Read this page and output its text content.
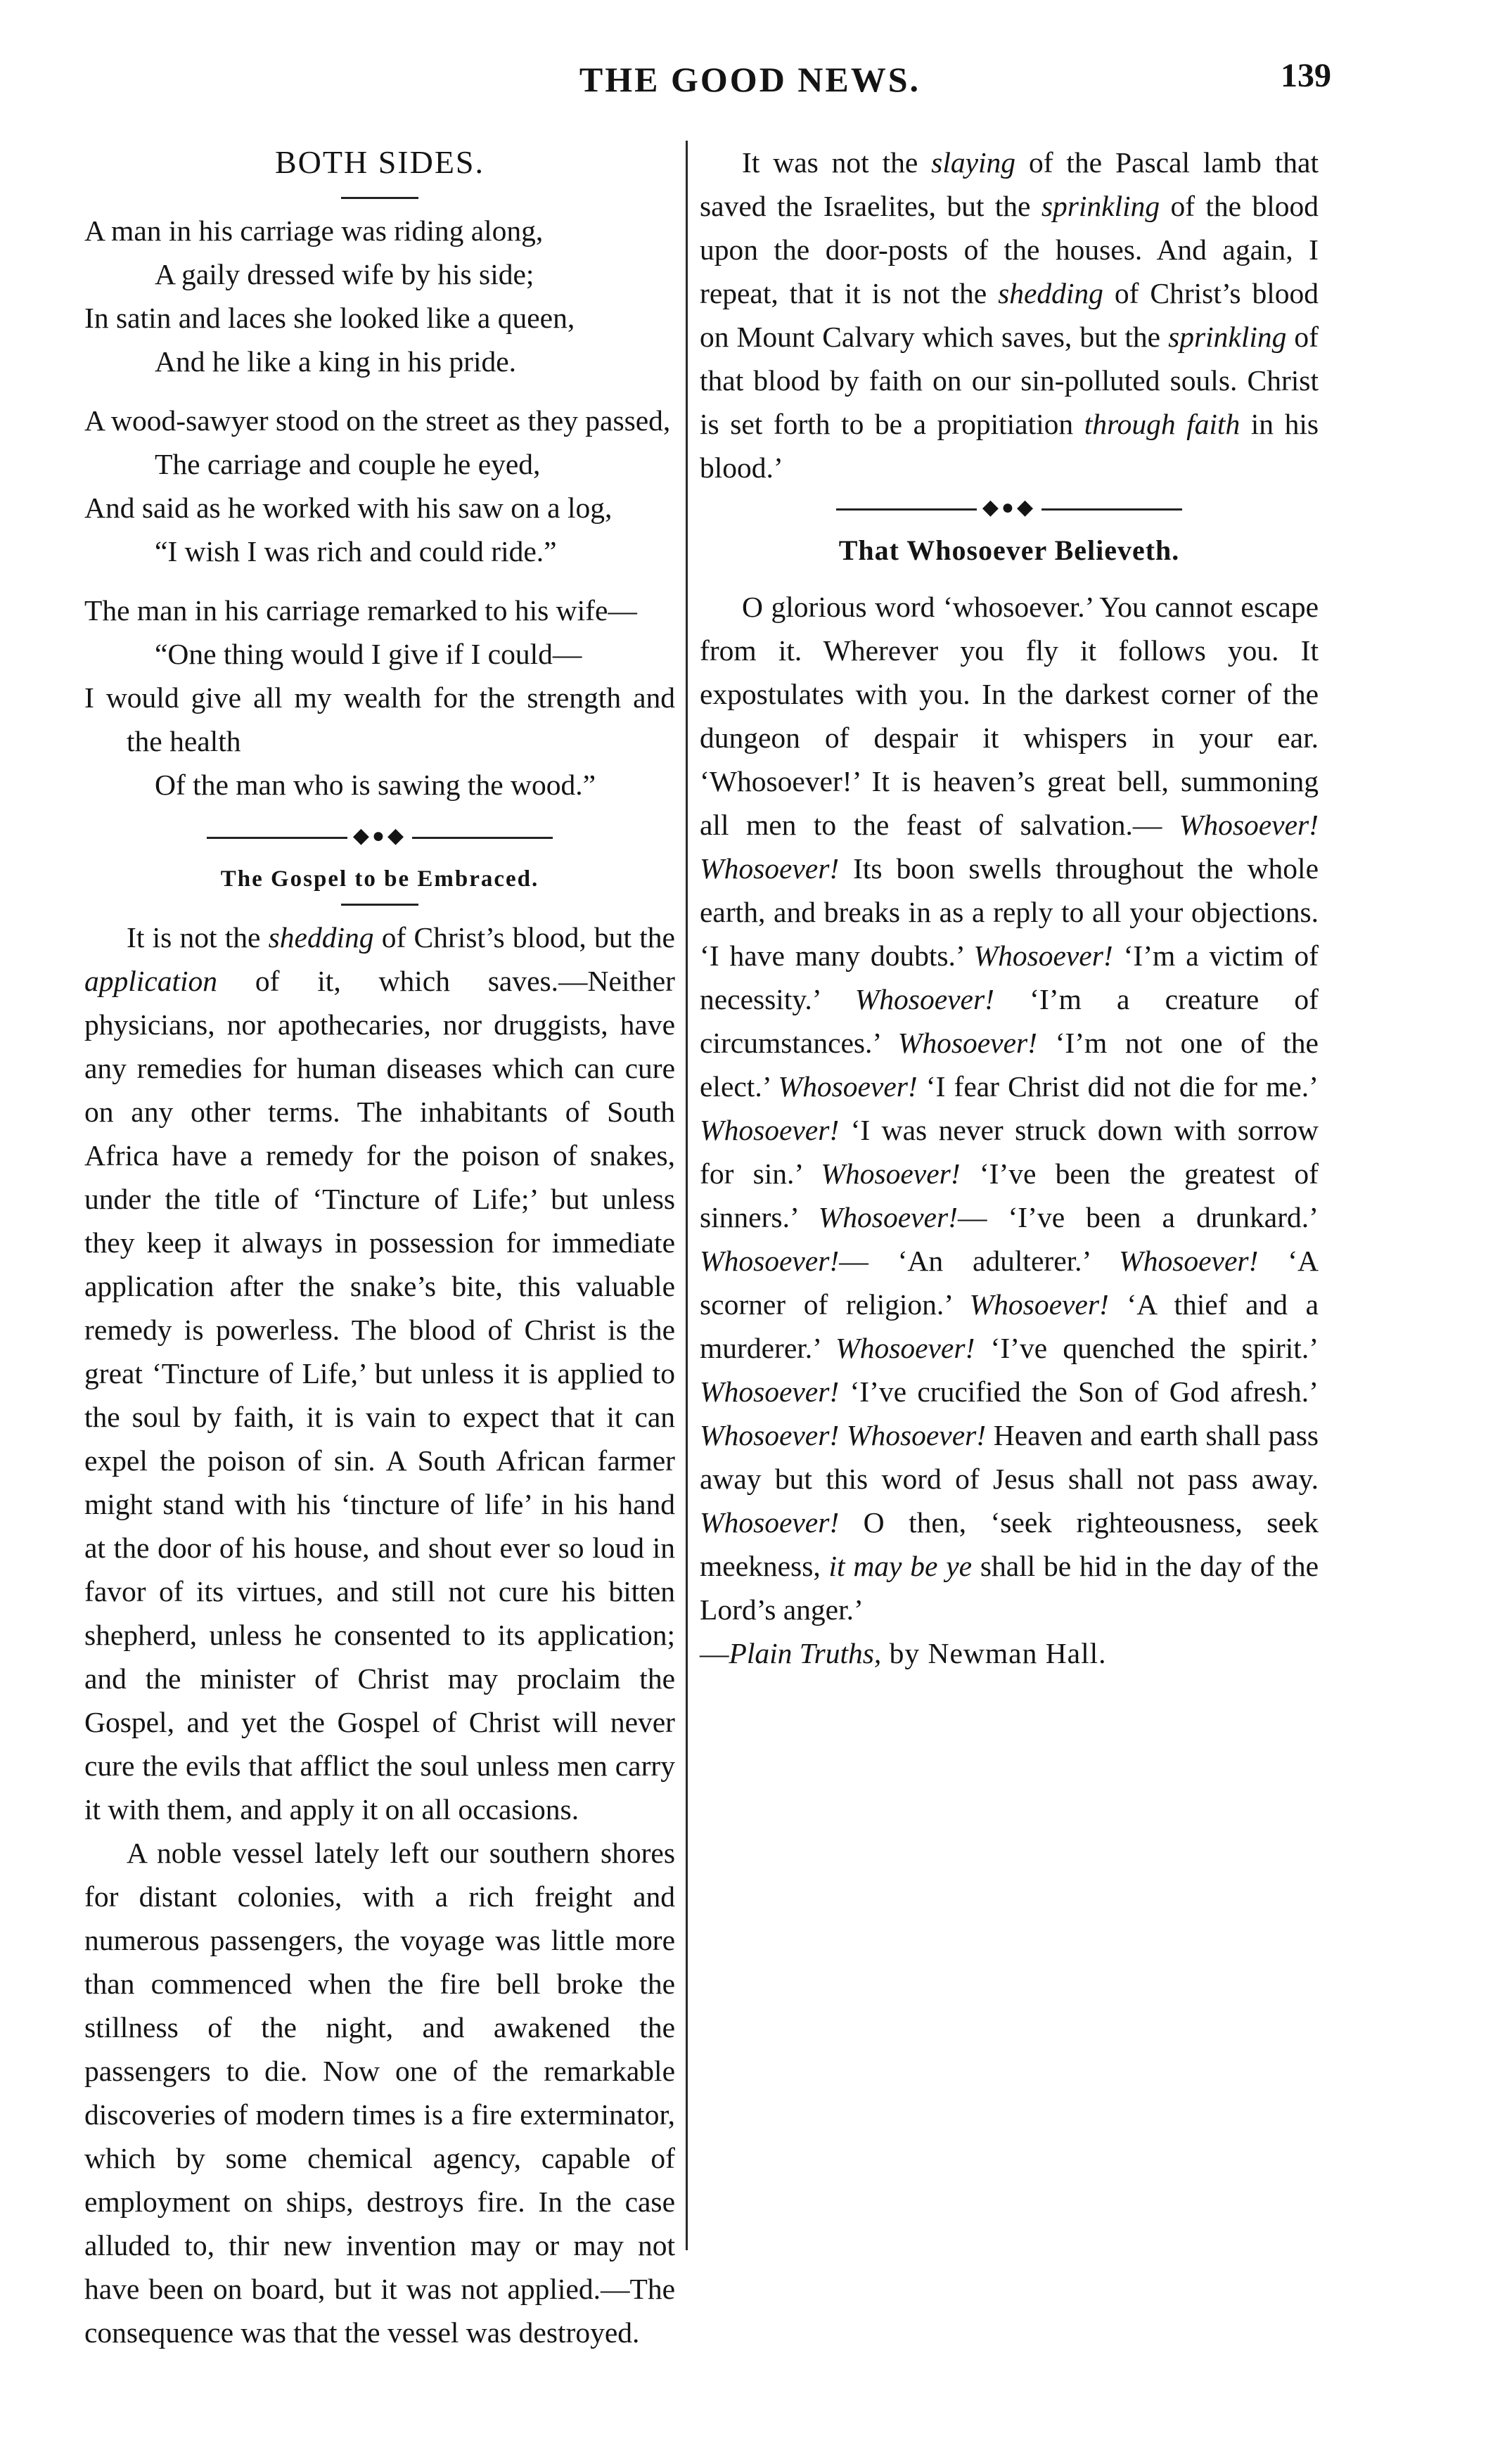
THE GOOD NEWS.	139
BOTH SIDES.
A man in his carriage was riding along,
A gaily dressed wife by his side;
In satin and laces she looked like a queen,
And he like a king in his pride.
A wood-sawyer stood on the street as they passed,
The carriage and couple he eyed,
And said as he worked with his saw on a log,
“I wish I was rich and could ride.”
The man in his carriage remarked to his wife—
“One thing would I give if I could—
I would give all my wealth for the strength and the health
Of the man who is sawing the wood.”
◆●◆
The Gospel to be Embraced.

It is not the shedding of Christ’s blood, but the application of it, which saves.—Neither physicians, nor apothecaries, nor druggists, have any remedies for human diseases which can cure on any other terms. The inhabitants of South Africa have a remedy for the poison of snakes, under the title of ‘Tincture of Life;’ but unless they keep it always in possession for immediate application after the snake’s bite, this valuable remedy is powerless. The blood of Christ is the great ‘Tincture of Life,’ but unless it is applied to the soul by faith, it is vain to expect that it can expel the poison of sin. A South African farmer might stand with his ‘tincture of life’ in his hand at the door of his house, and shout ever so loud in favor of its virtues, and still not cure his bitten shepherd, unless he consented to its application; and the minister of Christ may proclaim the Gospel, and yet the Gospel of Christ will never cure the evils that afflict the soul unless men carry it with them, and apply it on all occasions.

A noble vessel lately left our southern shores for distant colonies, with a rich freight and numerous passengers, the voyage was little more than commenced when the fire bell broke the stillness of the night, and awakened the passengers to die. Now one of the remarkable discoveries of modern times is a fire exterminator, which by some chemical agency, capable of employment on ships, destroys fire. In the case alluded to, thir new invention may or may not have been on board, but it was not applied.—The consequence was that the vessel was destroyed.

It was not the slaying of the Pascal lamb that saved the Israelites, but the sprinkling of the blood upon the door-posts of the houses. And again, I repeat, that it is not the shedding of Christ’s blood on Mount Calvary which saves, but the sprinkling of that blood by faith on our sin-polluted souls. Christ is set forth to be a propitiation through faith in his blood.’

◆●◆
That Whosoever Believeth.

O glorious word ‘whosoever.’ You cannot escape from it. Wherever you fly it follows you. It expostulates with you. In the darkest corner of the dungeon of despair it whispers in your ear. ‘Whosoever!’ It is heaven’s great bell, summoning all men to the feast of salvation.— Whosoever! Whosoever! Its boon swells throughout the whole earth, and breaks in as a reply to all your objections. ‘I have many doubts.’ Whosoever! ‘I’m a victim of necessity.’ Whosoever! ‘I’m a creature of circumstances.’ Whosoever! ‘I’m not one of the elect.’ Whosoever! ‘I fear Christ did not die for me.’ Whosoever! ‘I was never struck down with sorrow for sin.’ Whosoever! ‘I’ve been the greatest of sinners.’ Whosoever!— ‘I’ve been a drunkard.’ Whosoever!— ‘An adulterer.’ Whosoever! ‘A scorner of religion.’ Whosoever! ‘A thief and a murderer.’ Whosoever! ‘I’ve quenched the spirit.’ Whosoever! ‘I’ve crucified the Son of God afresh.’ Whosoever! Whosoever! Heaven and earth shall pass away but this word of Jesus shall not pass away. Whosoever! O then, ‘seek righteousness, seek meekness, it may be ye shall be hid in the day of the Lord’s anger.’
—Plain Truths, by Newman Hall.
